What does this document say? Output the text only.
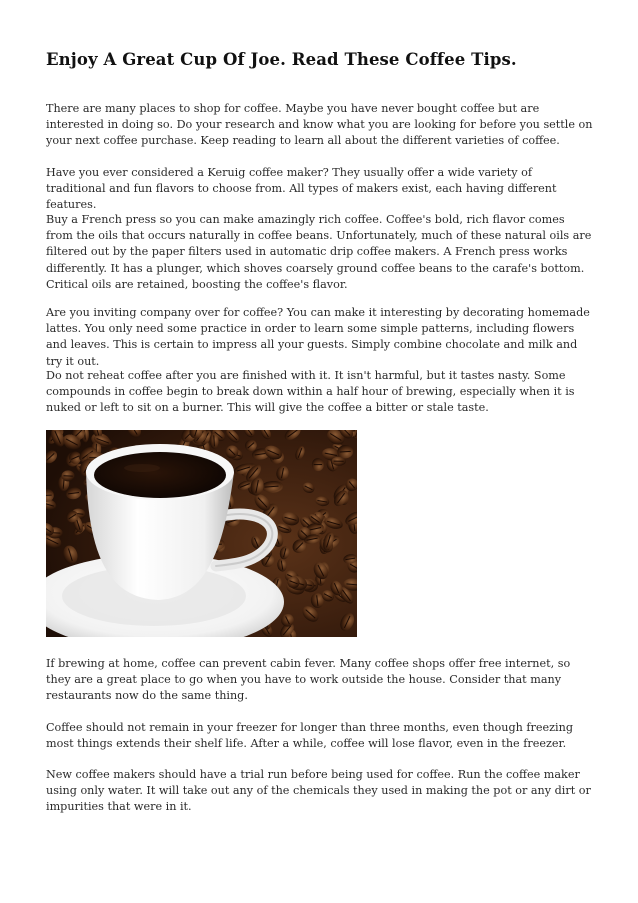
Enjoy A Great Cup Of Joe. Read These Coffee Tips.

There are many places to shop for coffee. Maybe you have never bought coffee but are interested in doing so. Do your research and know what you are looking for before you settle on your next coffee purchase. Keep reading to learn all about the different varieties of coffee.

Have you ever considered a Keruig coffee maker? They usually offer a wide variety of traditional and fun flavors to choose from. All types of makers exist, each having different features.

Buy a French press so you can make amazingly rich coffee. Coffee's bold, rich flavor comes from the oils that occurs naturally in coffee beans. Unfortunately, much of these natural oils are filtered out by the paper filters used in automatic drip coffee makers. A French press works differently. It has a plunger, which shoves coarsely ground coffee beans to the carafe's bottom. Critical oils are retained, boosting the coffee's flavor.

Are you inviting company over for coffee? You can make it interesting by decorating homemade lattes. You only need some practice in order to learn some simple patterns, including flowers and leaves. This is certain to impress all your guests. Simply combine chocolate and milk and try it out.

Do not reheat coffee after you are finished with it. It isn't harmful, but it tastes nasty. Some compounds in coffee begin to break down within a half hour of brewing, especially when it is nuked or left to sit on a burner. This will give the coffee a bitter or stale taste.

If brewing at home, coffee can prevent cabin fever. Many coffee shops offer free internet, so they are a great place to go when you have to work outside the house. Consider that many restaurants now do the same thing.

Coffee should not remain in your freezer for longer than three months, even though freezing most things extends their shelf life. After a while, coffee will lose flavor, even in the freezer.

New coffee makers should have a trial run before being used for coffee. Run the coffee maker using only water. It will take out any of the chemicals they used in making the pot or any dirt or impurities that were in it.
